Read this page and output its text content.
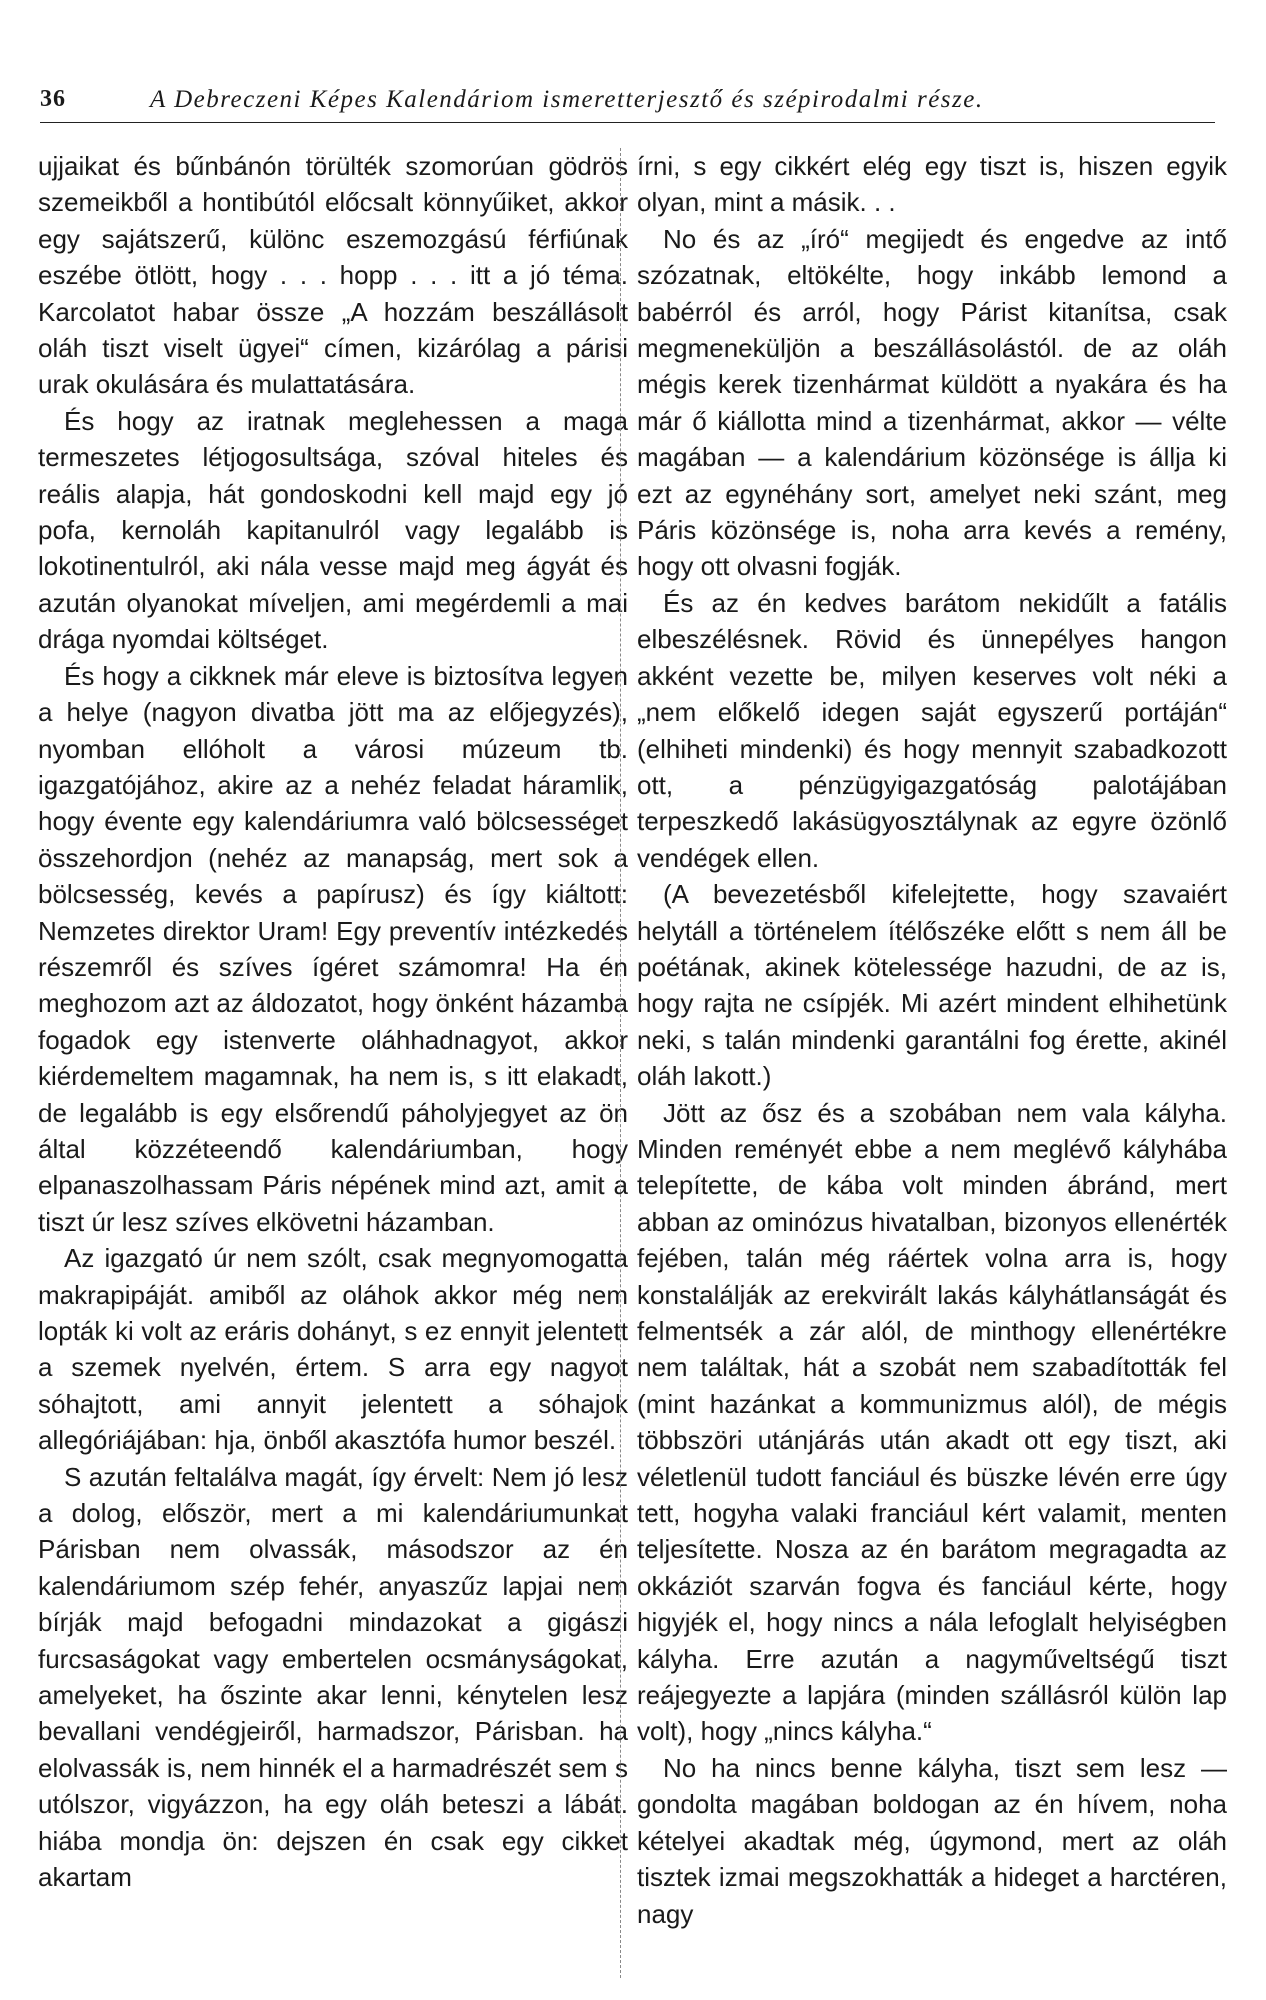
36	A Debreczeni Képes Kalendáriom ismeretterjesztő és szépirodalmi része.

ujjaikat és bűnbánón törülték szomorúan gödrös szemeikből a hontibútól előcsalt könnyűiket, akkor egy sajátszerű, különc eszemozgású férfiúnak eszébe ötlött, hogy . . . hopp . . . itt a jó téma. Karcolatot habar össze „A hozzám beszállásolt oláh tiszt viselt ügyei“ címen, kizárólag a párisi urak okulására és mulattatására.

És hogy az iratnak meglehessen a maga termeszetes létjogosultsága, szóval hiteles és reális alapja, hát gondoskodni kell majd egy jó pofa, kernoláh kapitanulról vagy legalább is lokotinentulról, aki nála vesse majd meg ágyát és azután olyanokat míveljen, ami megérdemli a mai drága nyomdai költséget.

És hogy a cikknek már eleve is biztosítva legyen a helye (nagyon divatba jött ma az előjegyzés), nyomban ellóholt a városi múzeum tb. igazgatójához, akire az a nehéz feladat háramlik, hogy évente egy kalendáriumra való bölcsességet összehordjon (nehéz az manapság, mert sok a bölcsesség, kevés a papírusz) és így kiáltott: Nemzetes direktor Uram! Egy preventív intézkedés részemről és szíves ígéret számomra! Ha én meghozom azt az áldozatot, hogy önként házamba fogadok egy istenverte oláhhadnagyot, akkor kiérdemeltem magamnak, ha nem is, s itt elakadt, de legalább is egy elsőrendű páholyjegyet az ön által közzéteendő kalendáriumban, hogy elpanaszolhassam Páris népének mind azt, amit a tiszt úr lesz szíves elkövetni házamban.

Az igazgató úr nem szólt, csak megnyomogatta makrapipáját. amiből az oláhok akkor még nem lopták ki volt az eráris dohányt, s ez ennyit jelentett a szemek nyelvén, értem. S arra egy nagyot sóhajtott, ami annyit jelentett a sóhajok allegóriájában: hja, önből akasztófa humor beszél.

S azután feltalálva magát, így érvelt: Nem jó lesz a dolog, először, mert a mi kalendáriumunkat Párisban nem olvassák, másodszor az én kalendáriumom szép fehér, anyaszűz lapjai nem bírják majd befogadni mindazokat a gigászi furcsaságokat vagy embertelen ocsmányságokat, amelyeket, ha őszinte akar lenni, kénytelen lesz bevallani vendégjeiről, harmadszor, Párisban. ha elolvassák is, nem hinnék el a harmadrészét sem s utólszor, vigyázzon, ha egy oláh beteszi a lábát. hiába mondja ön: dejszen én csak egy cikket akartam

írni, s egy cikkért elég egy tiszt is, hiszen egyik olyan, mint a másik. . .

No és az „író“ megijedt és engedve az intő szózatnak, eltökélte, hogy inkább lemond a babérról és arról, hogy Párist kitanítsa, csak megmeneküljön a beszállásolástól. de az oláh mégis kerek tizenhármat küldött a nyakára és ha már ő kiállotta mind a tizenhármat, akkor — vélte magában — a kalendárium közönsége is állja ki ezt az egynéhány sort, amelyet neki szánt, meg Páris közönsége is, noha arra kevés a remény, hogy ott olvasni fogják.

És az én kedves barátom nekidűlt a fatális elbeszélésnek. Rövid és ünnepélyes hangon akként vezette be, milyen keserves volt néki a „nem előkelő idegen saját egyszerű portáján“ (elhiheti mindenki) és hogy mennyit szabadkozott ott, a pénzügyigazgatóság palotájában terpeszkedő lakásügyosztálynak az egyre özönlő vendégek ellen.

(A bevezetésből kifelejtette, hogy szavaiért helytáll a történelem ítélőszéke előtt s nem áll be poétának, akinek kötelessége hazudni, de az is, hogy rajta ne csípjék. Mi azért mindent elhihetünk neki, s talán mindenki garantálni fog érette, akinél oláh lakott.)

Jött az ősz és a szobában nem vala kályha. Minden reményét ebbe a nem meglévő kályhába telepítette, de kába volt minden ábránd, mert abban az ominózus hivatalban, bizonyos ellenérték fejében, talán még ráértek volna arra is, hogy konstalálják az erekvirált lakás kályhátlanságát és felmentsék a zár alól, de minthogy ellenértékre nem találtak, hát a szobát nem szabadították fel (mint hazánkat a kommunizmus alól), de mégis többszöri utánjárás után akadt ott egy tiszt, aki véletlenül tudott fanciául és büszke lévén erre úgy tett, hogyha valaki franciául kért valamit, menten teljesítette. Nosza az én barátom megragadta az okkáziót szarván fogva és fanciául kérte, hogy higyjék el, hogy nincs a nála lefoglalt helyiségben kályha. Erre azután a nagyműveltségű tiszt reájegyezte a lapjára (minden szállásról külön lap volt), hogy „nincs kályha.“

No ha nincs benne kályha, tiszt sem lesz — gondolta magában boldogan az én hívem, noha kételyei akadtak még, úgymond, mert az oláh tisztek izmai megszokhatták a hideget a harctéren, nagy
